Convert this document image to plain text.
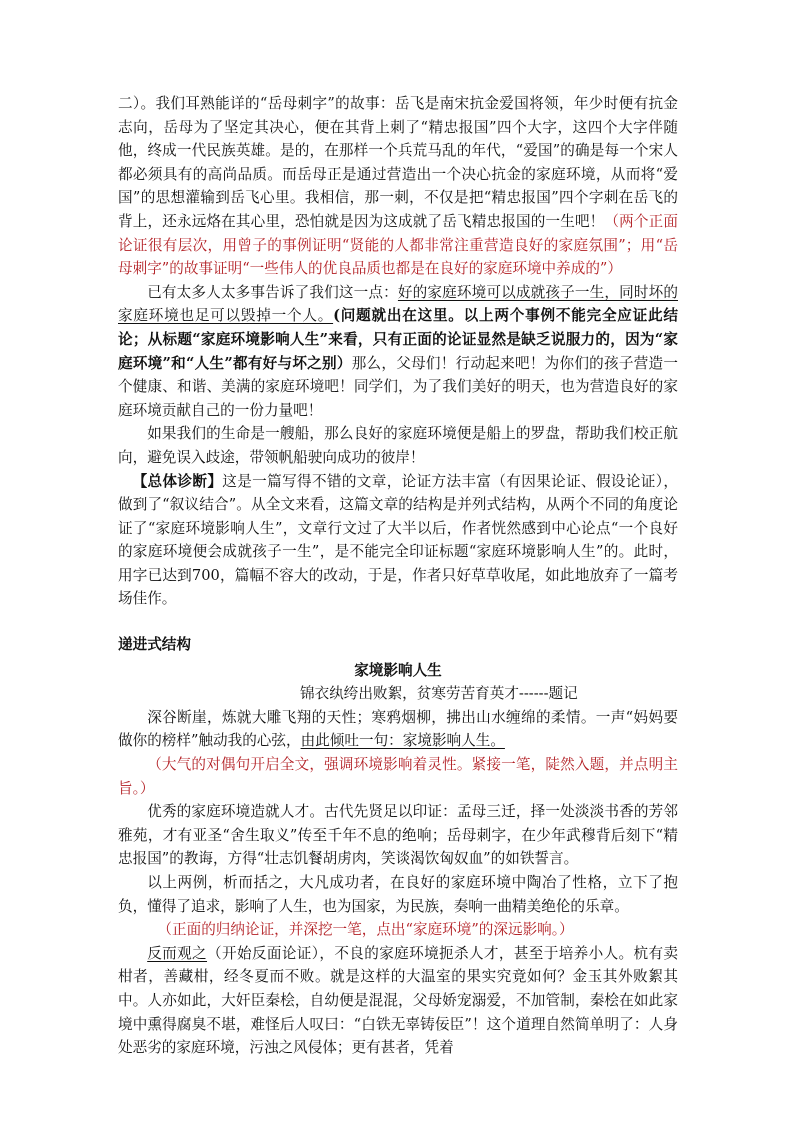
二）。我们耳熟能详的“岳母刺字”的故事：岳飞是南宋抗金爱国将领，年少时便有抗金志向，岳母为了坚定其决心，便在其背上刺了“精忠报国”四个大字，这四个大字伴随他，终成一代民族英雄。是的，在那样一个兵荒马乱的年代，“爱国”的确是每一个宋人都必须具有的高尚品质。而岳母正是通过营造出一个决心抗金的家庭环境，从而将“爱国”的思想灌输到岳飞心里。我相信，那一刺，不仅是把“精忠报国”四个字刺在岳飞的背上，还永远烙在其心里，恐怕就是因为这成就了岳飞精忠报国的一生吧！（两个正面论证很有层次，用曾子的事例证明“贤能的人都非常注重营造良好的家庭氛围”；用“岳母刺字”的故事证明“一些伟人的优良品质也都是在良好的家庭环境中养成的”）

已有太多人太多事告诉了我们这一点：好的家庭环境可以成就孩子一生，同时坏的家庭环境也足可以毁掉一个人。(问题就出在这里。以上两个事例不能完全应证此结论；从标题“家庭环境影响人生”来看，只有正面的论证显然是缺乏说服力的，因为“家庭环境”和“人生”都有好与坏之别）那么，父母们！行动起来吧！为你们的孩子营造一个健康、和谐、美满的家庭环境吧！同学们，为了我们美好的明天，也为营造良好的家庭环境贡献自己的一份力量吧！

如果我们的生命是一艘船，那么良好的家庭环境便是船上的罗盘，帮助我们校正航向，避免误入歧途，带领帆船驶向成功的彼岸！

【总体诊断】这是一篇写得不错的文章，论证方法丰富（有因果论证、假设论证），做到了“叙议结合”。从全文来看，这篇文章的结构是并列式结构，从两个不同的角度论证了“家庭环境影响人生”，文章行文过了大半以后，作者恍然感到中心论点“一个良好的家庭环境便会成就孩子一生”，是不能完全印证标题“家庭环境影响人生”的。此时，用字已达到700，篇幅不容大的改动，于是，作者只好草草收尾，如此地放弃了一篇考场佳作。

递进式结构

家境影响人生

锦衣纨绔出败絮，贫寒劳苦育英才------题记

深谷断崖，炼就大雕飞翔的天性；寒鸦烟柳，拂出山水缠绵的柔情。一声“妈妈要做你的榜样”触动我的心弦，由此倾吐一句：家境影响人生。

（大气的对偶句开启全文，强调环境影响着灵性。紧接一笔，陡然入题，并点明主旨。）

优秀的家庭环境造就人才。古代先贤足以印证：孟母三迁，择一处淡淡书香的芳邻雅苑，才有亚圣“舍生取义”传至千年不息的绝响；岳母刺字，在少年武穆背后刻下“精忠报国”的教诲，方得“壮志饥餐胡虏肉，笑谈渴饮匈奴血”的如铁誓言。

以上两例，析而括之，大凡成功者，在良好的家庭环境中陶冶了性格，立下了抱负，懂得了追求，影响了人生，也为国家，为民族，奏响一曲精美绝伦的乐章。

（正面的归纳论证，并深挖一笔，点出“家庭环境”的深远影响。）

反而观之（开始反面论证），不良的家庭环境扼杀人才，甚至于培养小人。杭有卖柑者，善藏柑，经冬夏而不败。就是这样的大温室的果实究竟如何？金玉其外败絮其中。人亦如此，大奸臣秦桧，自幼便是混混，父母娇宠溺爱，不加管制，秦桧在如此家境中熏得腐臭不堪，难怪后人叹曰：“白铁无辜铸佞臣”！这个道理自然简单明了：人身处恶劣的家庭环境，污浊之风侵体；更有甚者，凭着
